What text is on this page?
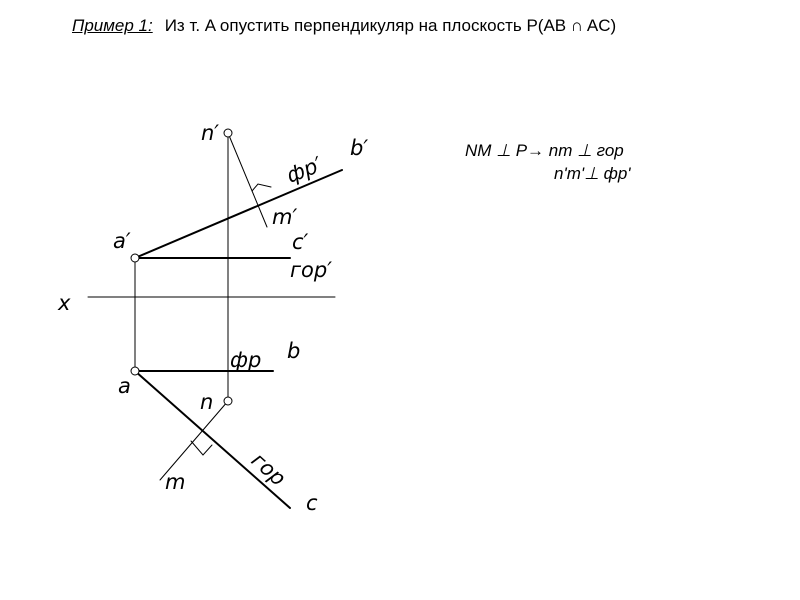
Пример 1: Из т. A опустить перпендикуляр на плоскость P(AB ∩ AC)
NM ⊥ P→ nm ⊥ гор
n'm'⊥ фр'
n′
b′
фр′
m′
a′	c′
гор′
x
фр b
a
n
m	гор
c
